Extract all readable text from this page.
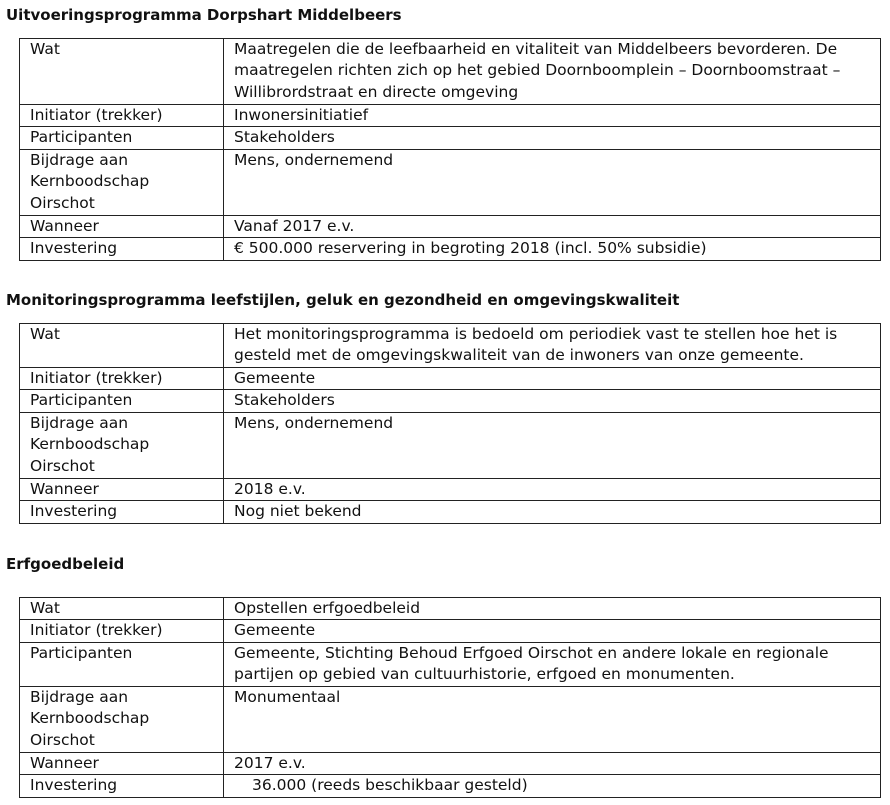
Uitvoeringsprogramma Dorpshart Middelbeers
Wat	Maatregelen die de leefbaarheid en vitaliteit van Middelbeers bevorderen. De maatregelen richten zich op het gebied Doornboomplein – Doornboomstraat – Willibrordstraat en directe omgeving
Initiator (trekker)	Inwonersinitiatief
Participanten	Stakeholders
Bijdrage aan Kernboodschap Oirschot	Mens, ondernemend
Wanneer	Vanaf 2017 e.v.
Investering	€ 500.000 reservering in begroting 2018 (incl. 50% subsidie)
Monitoringsprogramma leefstijlen, geluk en gezondheid en omgevingskwaliteit
Wat	Het monitoringsprogramma is bedoeld om periodiek vast te stellen hoe het is gesteld met de omgevingskwaliteit van de inwoners van onze gemeente.
Initiator (trekker)	Gemeente
Participanten	Stakeholders
Bijdrage aan Kernboodschap Oirschot	Mens, ondernemend
Wanneer	2018 e.v.
Investering	Nog niet bekend
Erfgoedbeleid
Wat	Opstellen erfgoedbeleid
Initiator (trekker)	Gemeente
Participanten	Gemeente, Stichting Behoud Erfgoed Oirschot en andere lokale en regionale partijen op gebied van cultuurhistorie, erfgoed en monumenten.
Bijdrage aan Kernboodschap Oirschot	Monumentaal
Wanneer	2017 e.v.
Investering	36.000 (reeds beschikbaar gesteld)
